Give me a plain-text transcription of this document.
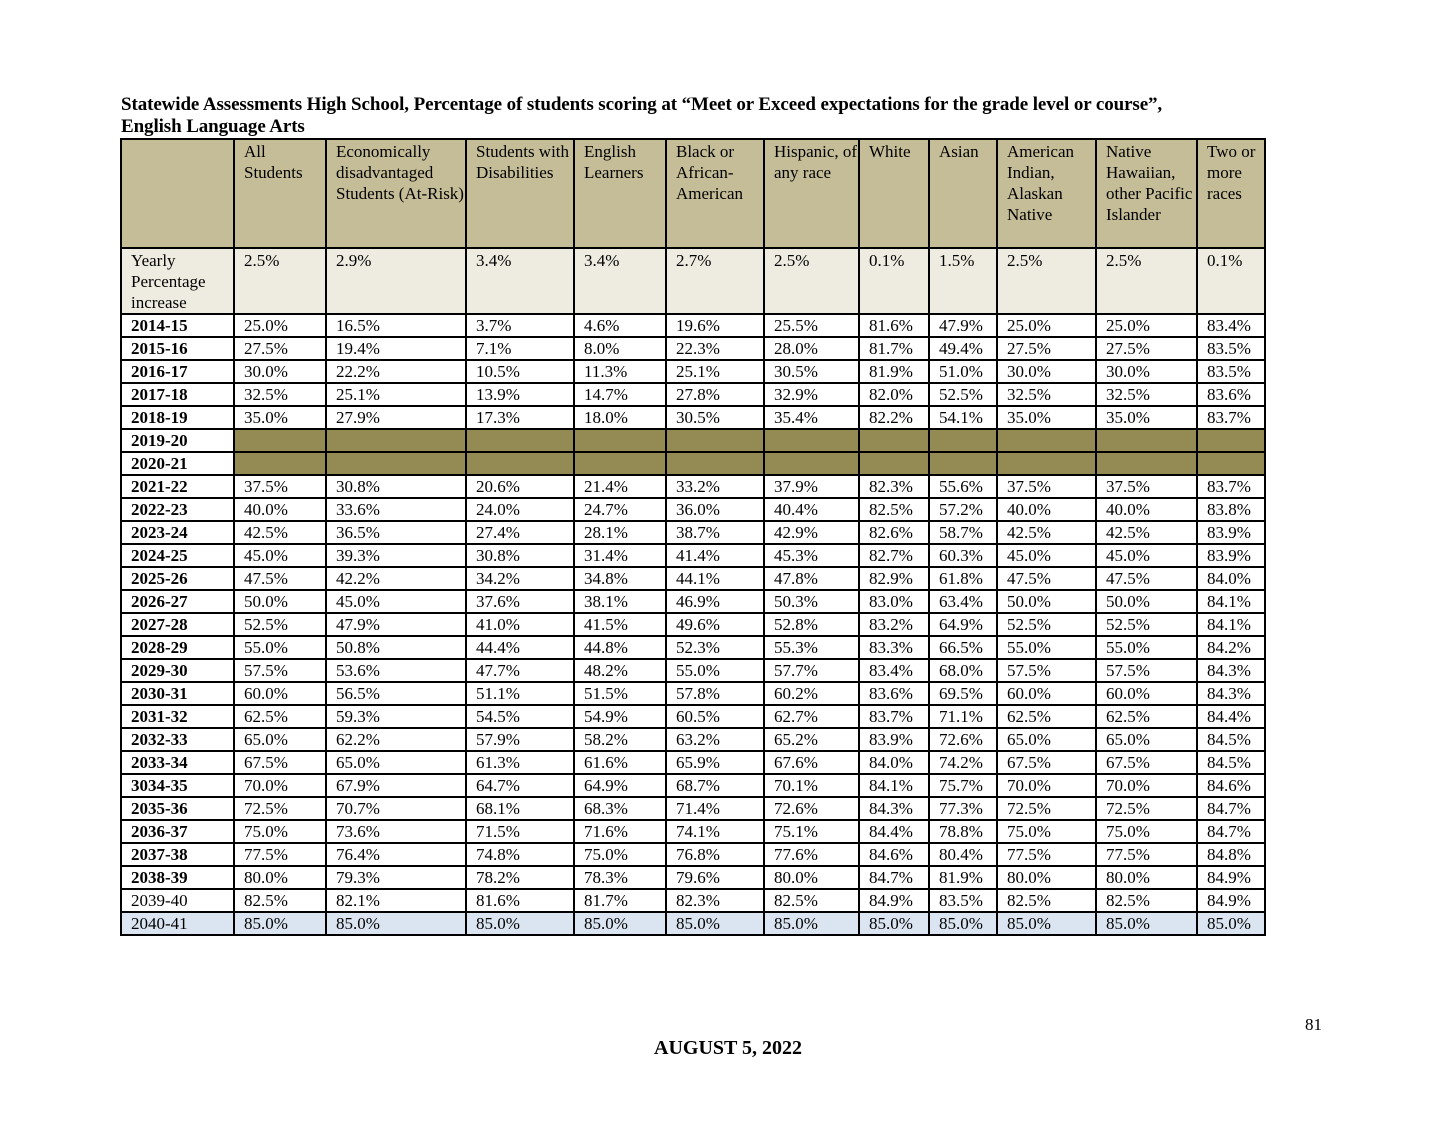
Statewide Assessments High School, Percentage of students scoring at “Meet or Exceed expectations for the grade level or course”,
English Language Arts
	All Students	Economically disadvantaged Students (At-Risk)	Students with Disabilities	English Learners	Black or African-American	Hispanic, of any race	White	Asian	American Indian, Alaskan Native	Native Hawaiian, other Pacific Islander	Two or more races
Yearly Percentage increase	2.5%	2.9%	3.4%	3.4%	2.7%	2.5%	0.1%	1.5%	2.5%	2.5%	0.1%
2014-15	25.0%	16.5%	3.7%	4.6%	19.6%	25.5%	81.6%	47.9%	25.0%	25.0%	83.4%
2015-16	27.5%	19.4%	7.1%	8.0%	22.3%	28.0%	81.7%	49.4%	27.5%	27.5%	83.5%
2016-17	30.0%	22.2%	10.5%	11.3%	25.1%	30.5%	81.9%	51.0%	30.0%	30.0%	83.5%
2017-18	32.5%	25.1%	13.9%	14.7%	27.8%	32.9%	82.0%	52.5%	32.5%	32.5%	83.6%
2018-19	35.0%	27.9%	17.3%	18.0%	30.5%	35.4%	82.2%	54.1%	35.0%	35.0%	83.7%
2019-20											
2020-21											
2021-22	37.5%	30.8%	20.6%	21.4%	33.2%	37.9%	82.3%	55.6%	37.5%	37.5%	83.7%
2022-23	40.0%	33.6%	24.0%	24.7%	36.0%	40.4%	82.5%	57.2%	40.0%	40.0%	83.8%
2023-24	42.5%	36.5%	27.4%	28.1%	38.7%	42.9%	82.6%	58.7%	42.5%	42.5%	83.9%
2024-25	45.0%	39.3%	30.8%	31.4%	41.4%	45.3%	82.7%	60.3%	45.0%	45.0%	83.9%
2025-26	47.5%	42.2%	34.2%	34.8%	44.1%	47.8%	82.9%	61.8%	47.5%	47.5%	84.0%
2026-27	50.0%	45.0%	37.6%	38.1%	46.9%	50.3%	83.0%	63.4%	50.0%	50.0%	84.1%
2027-28	52.5%	47.9%	41.0%	41.5%	49.6%	52.8%	83.2%	64.9%	52.5%	52.5%	84.1%
2028-29	55.0%	50.8%	44.4%	44.8%	52.3%	55.3%	83.3%	66.5%	55.0%	55.0%	84.2%
2029-30	57.5%	53.6%	47.7%	48.2%	55.0%	57.7%	83.4%	68.0%	57.5%	57.5%	84.3%
2030-31	60.0%	56.5%	51.1%	51.5%	57.8%	60.2%	83.6%	69.5%	60.0%	60.0%	84.3%
2031-32	62.5%	59.3%	54.5%	54.9%	60.5%	62.7%	83.7%	71.1%	62.5%	62.5%	84.4%
2032-33	65.0%	62.2%	57.9%	58.2%	63.2%	65.2%	83.9%	72.6%	65.0%	65.0%	84.5%
2033-34	67.5%	65.0%	61.3%	61.6%	65.9%	67.6%	84.0%	74.2%	67.5%	67.5%	84.5%
3034-35	70.0%	67.9%	64.7%	64.9%	68.7%	70.1%	84.1%	75.7%	70.0%	70.0%	84.6%
2035-36	72.5%	70.7%	68.1%	68.3%	71.4%	72.6%	84.3%	77.3%	72.5%	72.5%	84.7%
2036-37	75.0%	73.6%	71.5%	71.6%	74.1%	75.1%	84.4%	78.8%	75.0%	75.0%	84.7%
2037-38	77.5%	76.4%	74.8%	75.0%	76.8%	77.6%	84.6%	80.4%	77.5%	77.5%	84.8%
2038-39	80.0%	79.3%	78.2%	78.3%	79.6%	80.0%	84.7%	81.9%	80.0%	80.0%	84.9%
2039-40	82.5%	82.1%	81.6%	81.7%	82.3%	82.5%	84.9%	83.5%	82.5%	82.5%	84.9%
2040-41	85.0%	85.0%	85.0%	85.0%	85.0%	85.0%	85.0%	85.0%	85.0%	85.0%	85.0%
81
AUGUST 5, 2022
